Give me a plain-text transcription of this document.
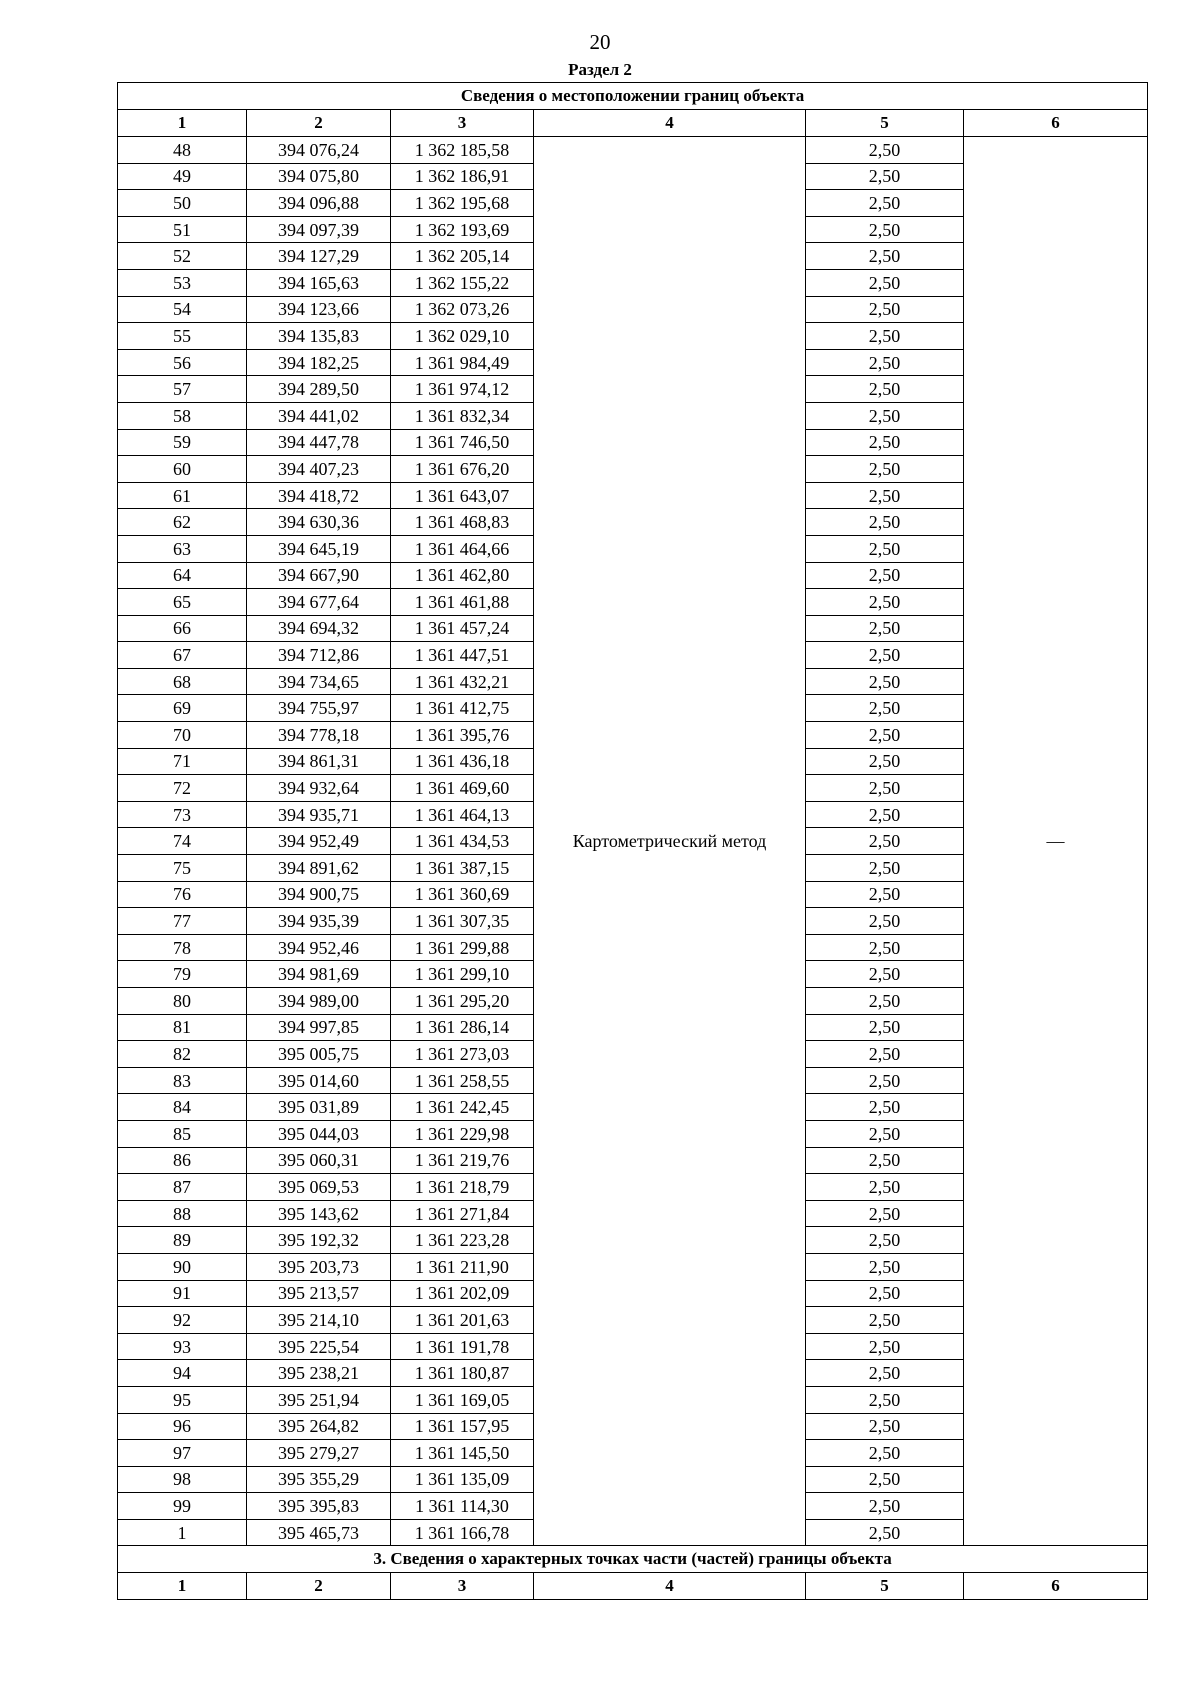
20
Раздел 2
Сведения о местоположении границ объекта					
1	2	3	4	5	6
48	394 076,24	1 362 185,58	Картометрический метод	2,50	—
49	394 075,80	1 362 186,91		2,50	
50	394 096,88	1 362 195,68		2,50	
51	394 097,39	1 362 193,69		2,50	
52	394 127,29	1 362 205,14		2,50	
53	394 165,63	1 362 155,22		2,50	
54	394 123,66	1 362 073,26		2,50	
55	394 135,83	1 362 029,10		2,50	
56	394 182,25	1 361 984,49		2,50	
57	394 289,50	1 361 974,12		2,50	
58	394 441,02	1 361 832,34		2,50	
59	394 447,78	1 361 746,50		2,50	
60	394 407,23	1 361 676,20		2,50	
61	394 418,72	1 361 643,07		2,50	
62	394 630,36	1 361 468,83		2,50	
63	394 645,19	1 361 464,66		2,50	
64	394 667,90	1 361 462,80		2,50	
65	394 677,64	1 361 461,88		2,50	
66	394 694,32	1 361 457,24		2,50	
67	394 712,86	1 361 447,51		2,50	
68	394 734,65	1 361 432,21		2,50	
69	394 755,97	1 361 412,75		2,50	
70	394 778,18	1 361 395,76		2,50	
71	394 861,31	1 361 436,18		2,50	
72	394 932,64	1 361 469,60		2,50	
73	394 935,71	1 361 464,13		2,50	
74	394 952,49	1 361 434,53		2,50	
75	394 891,62	1 361 387,15		2,50	
76	394 900,75	1 361 360,69		2,50	
77	394 935,39	1 361 307,35		2,50	
78	394 952,46	1 361 299,88		2,50	
79	394 981,69	1 361 299,10		2,50	
80	394 989,00	1 361 295,20		2,50	
81	394 997,85	1 361 286,14		2,50	
82	395 005,75	1 361 273,03		2,50	
83	395 014,60	1 361 258,55		2,50	
84	395 031,89	1 361 242,45		2,50	
85	395 044,03	1 361 229,98		2,50	
86	395 060,31	1 361 219,76		2,50	
87	395 069,53	1 361 218,79		2,50	
88	395 143,62	1 361 271,84		2,50	
89	395 192,32	1 361 223,28		2,50	
90	395 203,73	1 361 211,90		2,50	
91	395 213,57	1 361 202,09		2,50	
92	395 214,10	1 361 201,63		2,50	
93	395 225,54	1 361 191,78		2,50	
94	395 238,21	1 361 180,87		2,50	
95	395 251,94	1 361 169,05		2,50	
96	395 264,82	1 361 157,95		2,50	
97	395 279,27	1 361 145,50		2,50	
98	395 355,29	1 361 135,09		2,50	
99	395 395,83	1 361 114,30		2,50	
1	395 465,73	1 361 166,78		2,50	
3. Сведения о характерных точках части (частей) границы объекта					
1	2	3	4	5	6
